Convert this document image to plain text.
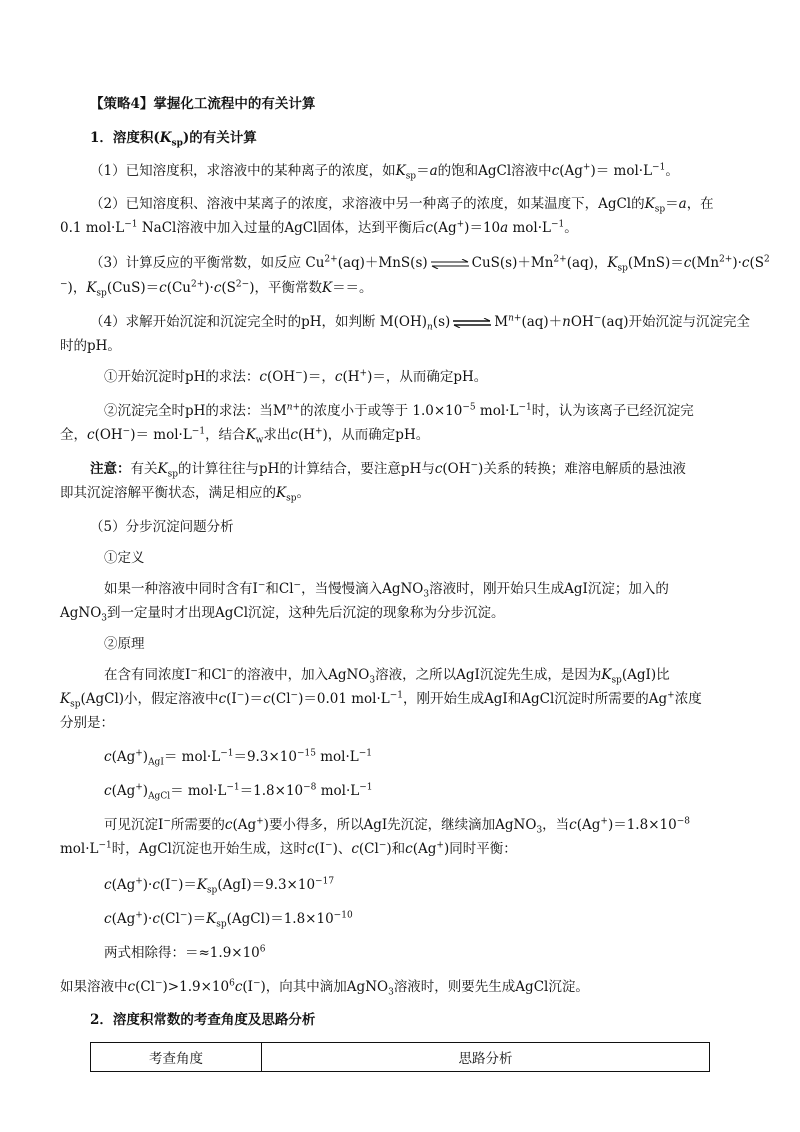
【策略4】掌握化工流程中的有关计算
1．溶度积$(K_{sp})$的有关计算
（1）已知溶度积，求溶液中的某种离子的浓度，如$K_{sp}=a$的饱和AgCl溶液中$c(Ag^+)= mol\cdot L^{-1}$。
（2）已知溶度积、溶液中某离子的浓度，求溶液中另一种离子的浓度，如某温度下，AgCl的$K_{sp}=a$，在
0.1 $mol\cdot L^{-1}$ NaCl溶液中加入过量的AgCl固体，达到平衡后c(Ag+)＝10a $mol\cdot L^{-1}$。
（3）计算反应的平衡常数，如反应 $Cu^{2+}(aq)+MnS(s)$ ⇌ $CuS(s)+Mn^{2+}(aq)$，$K_{sp}(MnS)=c(Mn^{2+})\cdot c(S^2$
−)，$K_{sp}(CuS)=c(Cu^{2+})\cdot c(S^{2-})$，平衡常数K＝＝。
（4）求解开始沉淀和沉淀完全时的pH，如判断 $M(OH)_n(s)$ ⇌ $M^{n+}(aq)+nOH^-(aq)$开始沉淀与沉淀完全
时的pH。
①开始沉淀时pH的求法：c(OH−)＝，c(H+)＝，从而确定pH。
②沉淀完全时pH的求法：当$M^{n+}$的浓度小于或等于 $1.0\times 10^{-5}$ $mol\cdot L^{-1}$时，认为该离子已经沉淀完
全，$c(OH^-)= mol\cdot L^{-1}$，结合$K_w$求出c(H+)，从而确定pH。
注意：有关$K_{sp}$的计算往往与pH的计算结合，要注意pH与c(OH−)关系的转换；难溶电解质的悬浊液
即其沉淀溶解平衡状态，满足相应的$K_{sp}$。
（5）分步沉淀问题分析
①定义
如果一种溶液中同时含有I−和Cl−，当慢慢滴入AgNO$_3$溶液时，刚开始只生成AgI沉淀；加入的
AgNO$_3$到一定量时才出现AgCl沉淀，这种先后沉淀的现象称为分步沉淀。
②原理
在含有同浓度I−和Cl−的溶液中，加入AgNO$_3$溶液，之所以AgI沉淀先生成，是因为$K_{sp}(AgI)$比
$K_{sp}(AgCl)$小，假定溶液中c(I−)＝c(Cl−)＝0.01 $mol\cdot L^{-1}$，刚开始生成AgI和AgCl沉淀时所需要的Ag+浓度
分别是：
$c(Ag^+)_{AgI}= mol\cdot L^{-1}=9.3\times 10^{-15}$ $mol\cdot L^{-1}$
$c(Ag^+)_{AgCl}= mol\cdot L^{-1}=1.8\times 10^{-8}$ $mol\cdot L^{-1}$
可见沉淀I−所需要的c(Ag+)要小得多，所以AgI先沉淀，继续滴加AgNO$_3$，当$c(Ag^+)=1.8\times 10^{-8}$
$mol\cdot L^{-1}$时，AgCl沉淀也开始生成，这时c(I−)、c(Cl−)和c(Ag+)同时平衡：
$c(Ag^+)\cdot c(I^-)=K_{sp}(AgI)=9.3\times 10^{-17}$
$c(Ag^+)\cdot c(Cl^-)=K_{sp}(AgCl)=1.8\times 10^{-10}$
两式相除得：$=\approx 1.9\times 10^6$
如果溶液中$c(Cl^-)>1.9\times 10^6c(I^-)$，向其中滴加AgNO$_3$溶液时，则要先生成AgCl沉淀。
2．溶度积常数的考查角度及思路分析
考查角度	思路分析
